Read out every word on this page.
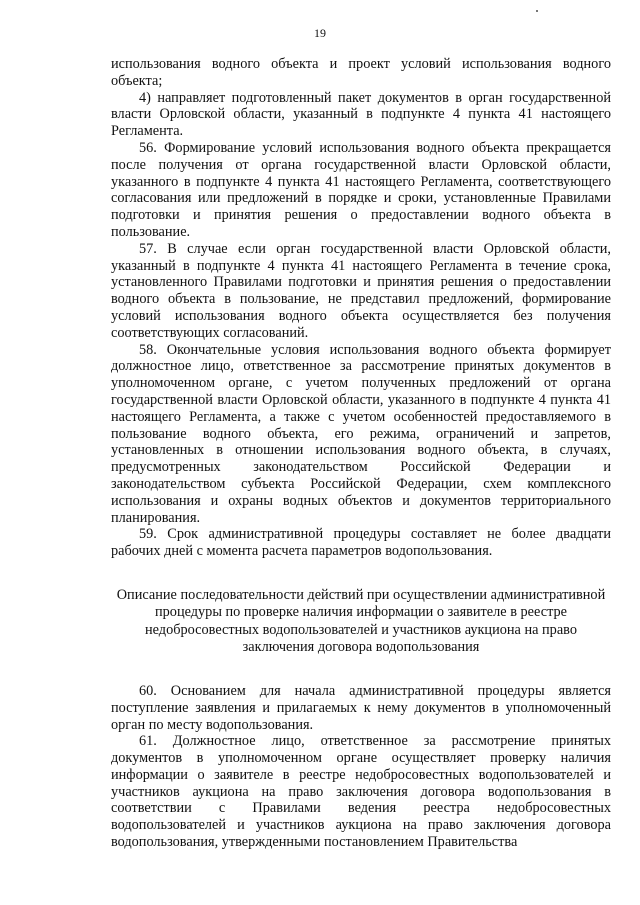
19

использования водного объекта и проект условий использования водного объекта;

4) направляет подготовленный пакет документов в орган государственной власти Орловской области, указанный в подпункте 4 пункта 41 настоящего Регламента.

56. Формирование условий использования водного объекта прекращается после получения от органа государственной власти Орловской области, указанного в подпункте 4 пункта 41 настоящего Регламента, соответствующего согласования или предложений в порядке и сроки, установленные Правилами подготовки и принятия решения о предоставлении водного объекта в пользование.

57. В случае если орган государственной власти Орловской области, указанный в подпункте 4 пункта 41 настоящего Регламента в течение срока, установленного Правилами подготовки и принятия решения о предоставлении водного объекта в пользование, не представил предложений, формирование условий использования водного объекта осуществляется без получения соответствующих согласований.

58. Окончательные условия использования водного объекта формирует должностное лицо, ответственное за рассмотрение принятых документов в уполномоченном органе, с учетом полученных предложений от органа государственной власти Орловской области, указанного в подпункте 4 пункта 41 настоящего Регламента, а также с учетом особенностей предоставляемого в пользование водного объекта, его режима, ограничений и запретов, установленных в отношении использования водного объекта, в случаях, предусмотренных законодательством Российской Федерации и законодательством субъекта Российской Федерации, схем комплексного использования и охраны водных объектов и документов территориального планирования.

59. Срок административной процедуры составляет не более двадцати рабочих дней с момента расчета параметров водопользования.

Описание последовательности действий при осуществлении административной процедуры по проверке наличия информации о заявителе в реестре недобросовестных водопользователей и участников аукциона на право заключения договора водопользования

60. Основанием для начала административной процедуры является поступление заявления и прилагаемых к нему документов в уполномоченный орган по месту водопользования.

61. Должностное лицо, ответственное за рассмотрение принятых документов в уполномоченном органе осуществляет проверку наличия информации о заявителе в реестре недобросовестных водопользователей и участников аукциона на право заключения договора водопользования в соответствии с Правилами ведения реестра недобросовестных водопользователей и участников аукциона на право заключения договора водопользования, утвержденными постановлением Правительства
